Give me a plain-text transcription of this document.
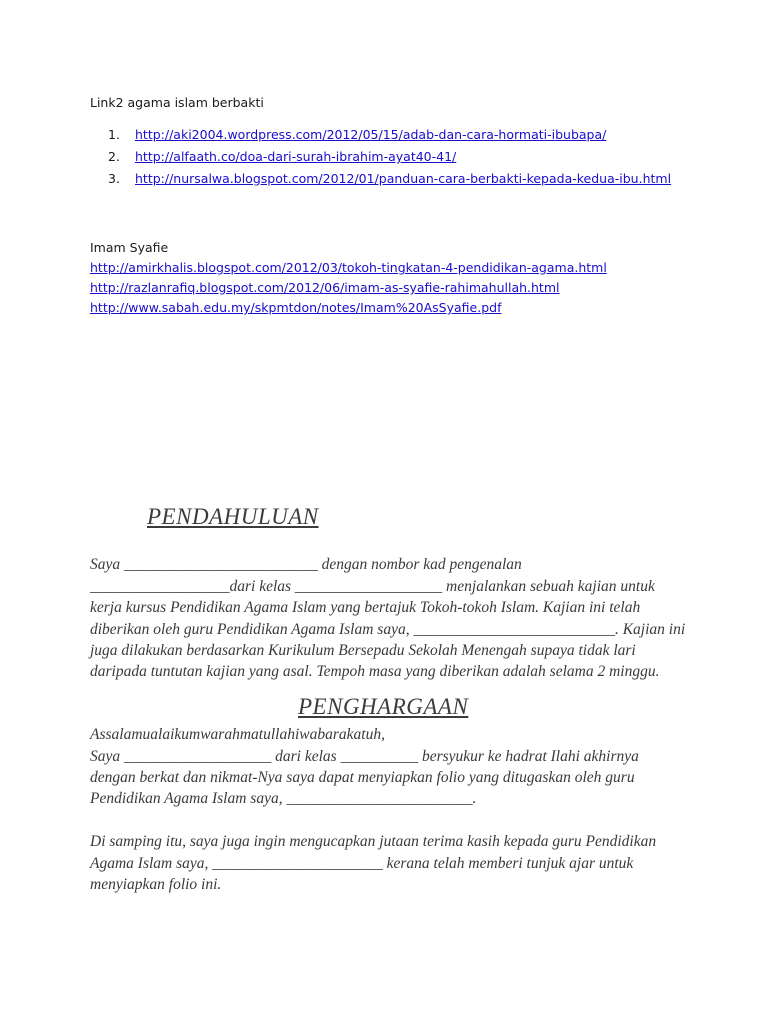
Link2 agama islam berbakti
1.	http://aki2004.wordpress.com/2012/05/15/adab-dan-cara-hormati-ibubapa/
2.	http://alfaath.co/doa-dari-surah-ibrahim-ayat40-41/
3.	http://nursalwa.blogspot.com/2012/01/panduan-cara-berbakti-kepada-kedua-ibu.html
Imam Syafie
http://amirkhalis.blogspot.com/2012/03/tokoh-tingkatan-4-pendidikan-agama.html
http://razlanrafiq.blogspot.com/2012/06/imam-as-syafie-rahimahullah.html
http://www.sabah.edu.my/skpmtdon/notes/Imam%20AsSyafie.pdf
PENDAHULUAN
Saya _________________________ dengan nombor kad pengenalan
__________________dari kelas ___________________ menjalankan sebuah kajian untuk
kerja kursus Pendidikan Agama Islam yang bertajuk Tokoh-tokoh Islam. Kajian ini telah
diberikan oleh guru Pendidikan Agama Islam saya, __________________________. Kajian ini
juga dilakukan berdasarkan Kurikulum Bersepadu Sekolah Menengah supaya tidak lari
daripada tuntutan kajian yang asal. Tempoh masa yang diberikan adalah selama 2 minggu.
PENGHARGAAN
Assalamualaikumwarahmatullahiwabarakatuh,
Saya ___________________ dari kelas __________ bersyukur ke hadrat Ilahi akhirnya
dengan berkat dan nikmat-Nya saya dapat menyiapkan folio yang ditugaskan oleh guru
Pendidikan Agama Islam saya, ________________________.
Di samping itu, saya juga ingin mengucapkan jutaan terima kasih kepada guru Pendidikan
Agama Islam saya, ______________________ kerana telah memberi tunjuk ajar untuk
menyiapkan folio ini.
